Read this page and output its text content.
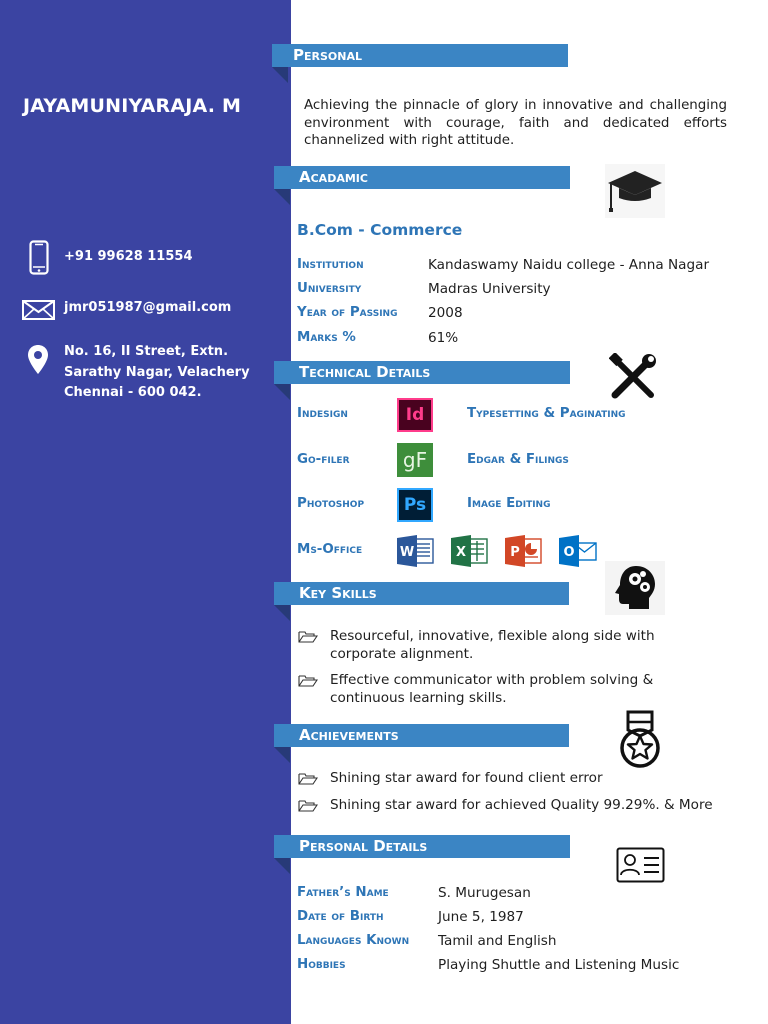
JAYAMUNIYARAJA. M
+91 99628 11554
jmr051987@gmail.com
No. 16, II Street, Extn.
Sarathy Nagar, Velachery
Chennai - 600 042.
Personal
Achieving the pinnacle of glory in innovative and challenging environment with courage, faith and dedicated efforts channelized with right attitude.
Acadamic
B.Com - Commerce
Institution	Kandaswamy Naidu college - Anna Nagar
University	Madras University
Year of Passing 2008
Marks %	61%
Technical Details
Indesign	Id	Typesetting & Paginating
Go-filer	gF	Edgar & Filings
Photoshop	Ps	Image Editing
Ms-Office	W	X	P	O
Key Skills
Resourceful, innovative, flexible along side with
corporate alignment.
Effective communicator with problem solving &
continuous learning skills.
Achievements
Shining star award for found client error
Shining star award for achieved Quality 99.29%. & More
Personal Details
Father’s Name	S. Murugesan
Date of Birth	June 5, 1987
Languages Known Tamil and English
Hobbies	Playing Shuttle and Listening Music
